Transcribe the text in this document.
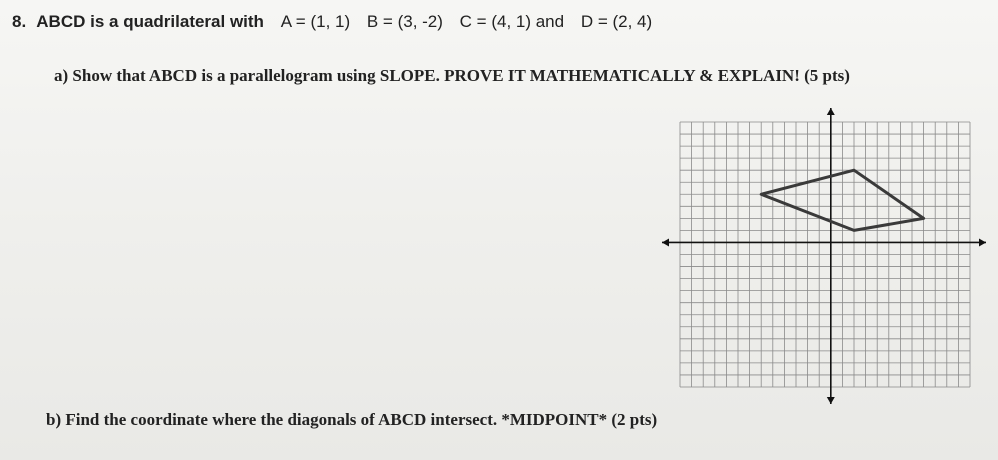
8. ABCD is a quadrilateral with A = (1, 1) B = (3, -2) C = (4, 1) and D = (2, 4)
a) Show that ABCD is a parallelogram using SLOPE. PROVE IT MATHEMATICALLY & EXPLAIN! (5 pts)
b) Find the coordinate where the diagonals of ABCD intersect. *MIDPOINT* (2 pts)
